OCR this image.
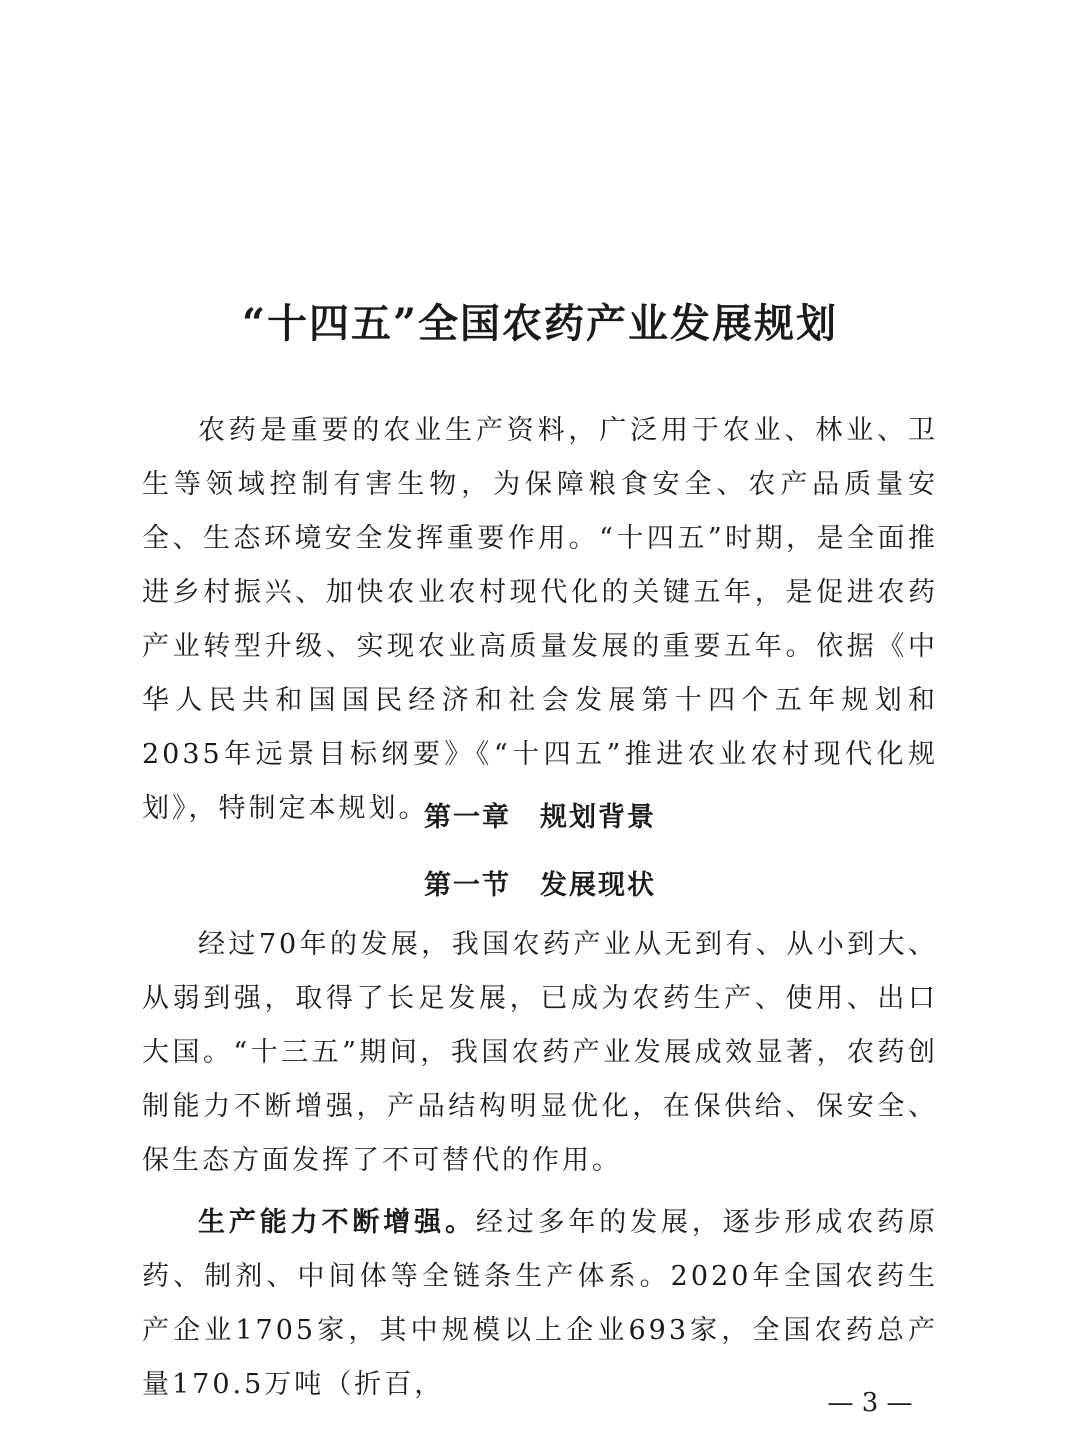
“十四五”全国农药产业发展规划

农药是重要的农业生产资料，广泛用于农业、林业、卫生等领域控制有害生物，为保障粮食安全、农产品质量安全、生态环境安全发挥重要作用。“十四五”时期，是全面推进乡村振兴、加快农业农村现代化的关键五年，是促进农药产业转型升级、实现农业高质量发展的重要五年。依据《中华人民共和国国民经济和社会发展第十四个五年规划和2035年远景目标纲要》《“十四五”推进农业农村现代化规划》，特制定本规划。

第一章　规划背景
第一节　发展现状

经过70年的发展，我国农药产业从无到有、从小到大、从弱到强，取得了长足发展，已成为农药生产、使用、出口大国。“十三五”期间，我国农药产业发展成效显著，农药创制能力不断增强，产品结构明显优化，在保供给、保安全、保生态方面发挥了不可替代的作用。

生产能力不断增强。经过多年的发展，逐步形成农药原药、制剂、中间体等全链条生产体系。2020年全国农药生产企业1705家，其中规模以上企业693家，全国农药总产量170.5万吨（折百，

— 3 —
